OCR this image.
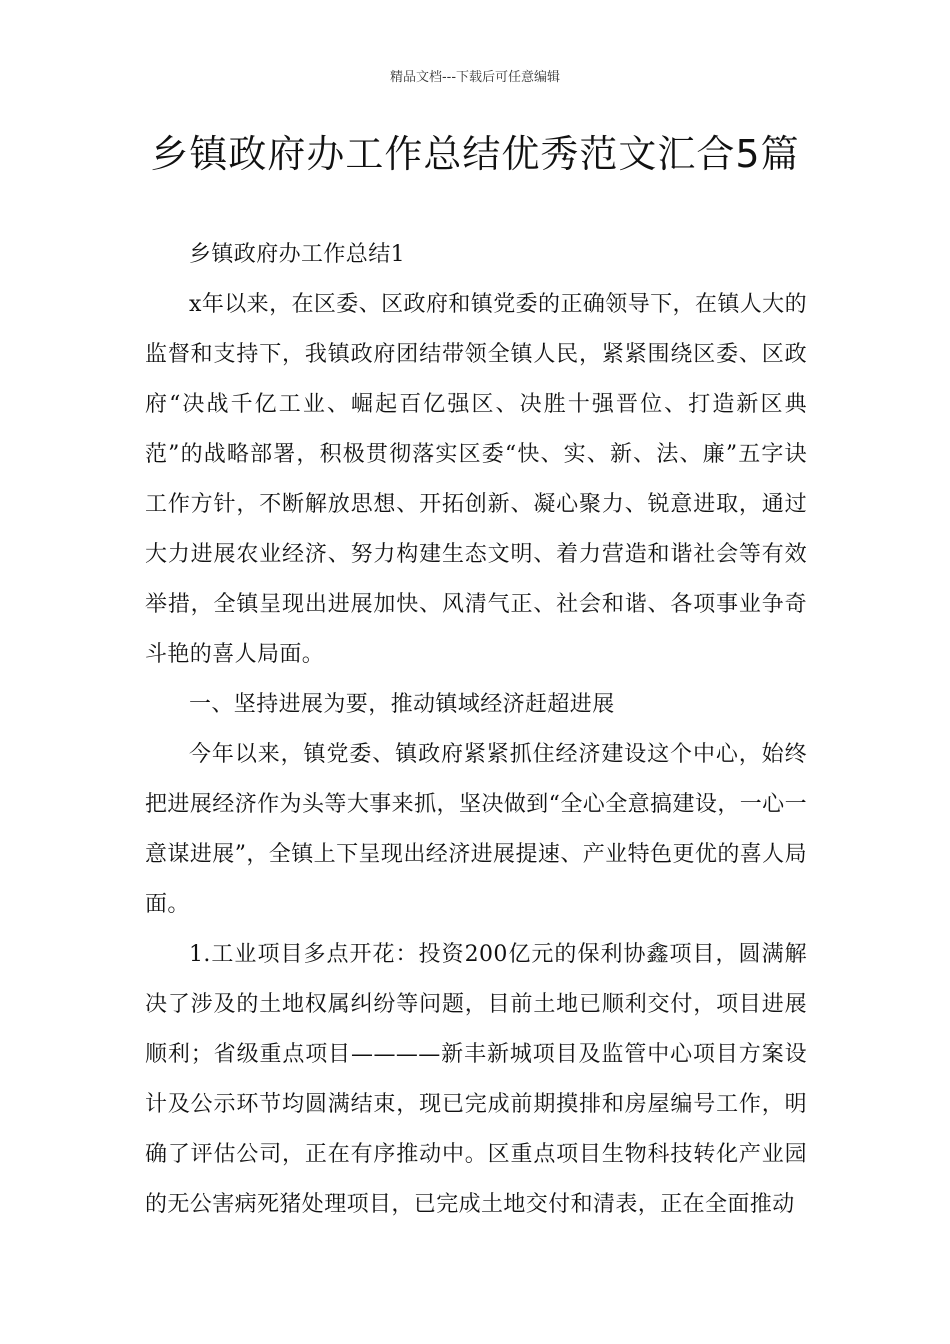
精品文档---下载后可任意编辑
乡镇政府办工作总结优秀范文汇合5篇

乡镇政府办工作总结1

x年以来，在区委、区政府和镇党委的正确领导下，在镇人大的监督和支持下，我镇政府团结带领全镇人民，紧紧围绕区委、区政府“决战千亿工业、崛起百亿强区、决胜十强晋位、打造新区典范”的战略部署，积极贯彻落实区委“快、实、新、法、廉”五字诀工作方针，不断解放思想、开拓创新、凝心聚力、锐意进取，通过大力进展农业经济、努力构建生态文明、着力营造和谐社会等有效举措，全镇呈现出进展加快、风清气正、社会和谐、各项事业争奇斗艳的喜人局面。

一、坚持进展为要，推动镇域经济赶超进展

今年以来，镇党委、镇政府紧紧抓住经济建设这个中心，始终把进展经济作为头等大事来抓，坚决做到“全心全意搞建设，一心一意谋进展”，全镇上下呈现出经济进展提速、产业特色更优的喜人局面。

1.工业项目多点开花：投资200亿元的保利协鑫项目，圆满解决了涉及的土地权属纠纷等问题，目前土地已顺利交付，项目进展顺利；省级重点项目————新丰新城项目及监管中心项目方案设计及公示环节均圆满结束，现已完成前期摸排和房屋编号工作，明确了评估公司，正在有序推动中。区重点项目生物科技转化产业园的无公害病死猪处理项目，已完成土地交付和清表，正在全面推动
